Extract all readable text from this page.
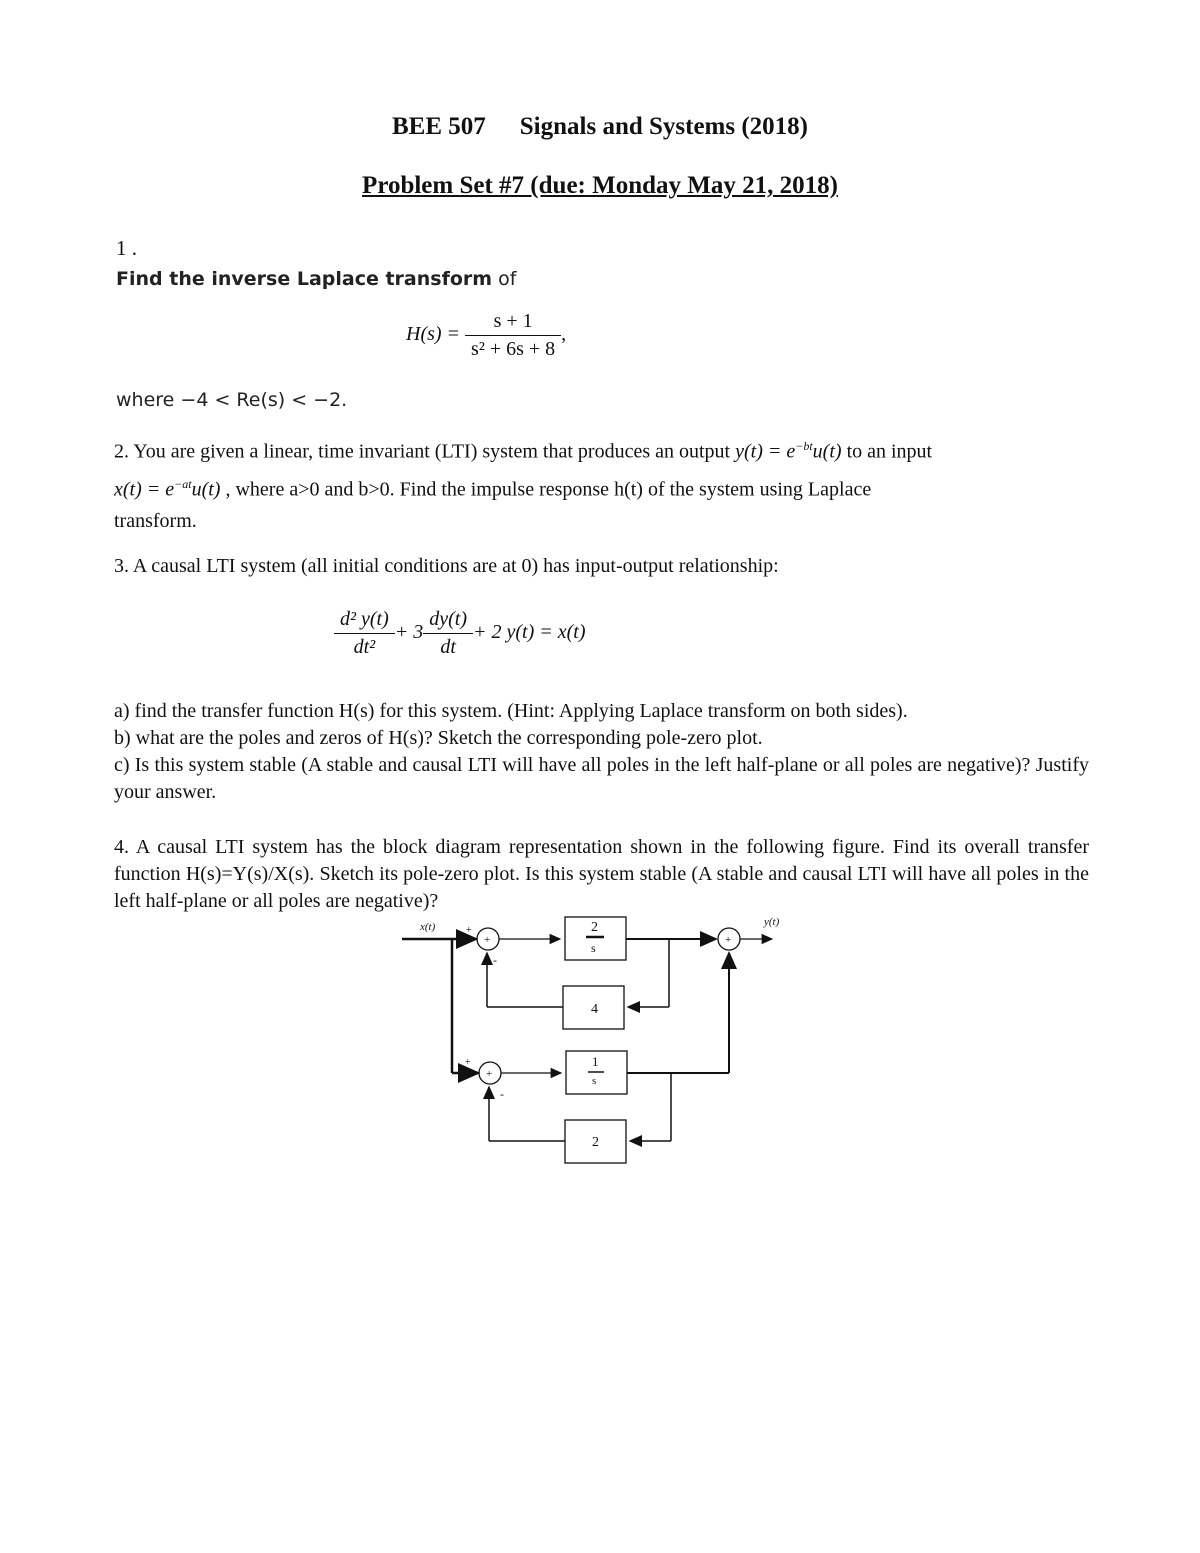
BEE 507 Signals and Systems (2018)
Problem Set #7 (due: Monday May 21, 2018)
1 .
Find the inverse Laplace transform of
$H(s) = \frac{s + 1}{\text{s² + 6s + 8}}$ ,
where −4 < Re(s) < −2.
2. You are given a linear, time invariant (LTI) system that produces an output $y(t) = e^{-bt}u(t)$ to an input
$x(t) = e^{-at}u(t)$ , where a>0 and b>0. Find the impulse response h(t) of the system using Laplace
transform.
3. A causal LTI system (all initial conditions are at 0) has input-output relationship:
$\frac{\text{d² y(t)}}{\text{dt²}} + 3 \frac{dy(t)}{dt} + 2$ y(t) = x(t)
a) find the transfer function H(s) for this system. (Hint: Applying Laplace transform on both sides).
b) what are the poles and zeros of H(s)? Sketch the corresponding pole-zero plot.
c) Is this system stable (A stable and causal LTI will have all poles in the left half-plane or all poles are negative)? Justify your answer.
4. A causal LTI system has the block diagram representation shown in the following figure. Find its overall transfer function H(s)=Y(s)/X(s). Sketch its pole-zero plot. Is this system stable (A stable and causal LTI will have all poles in the left half-plane or all poles are negative)?
x(t)	y(t)
+
+
+
+
+
-
-
2
s
4
1
s
2
